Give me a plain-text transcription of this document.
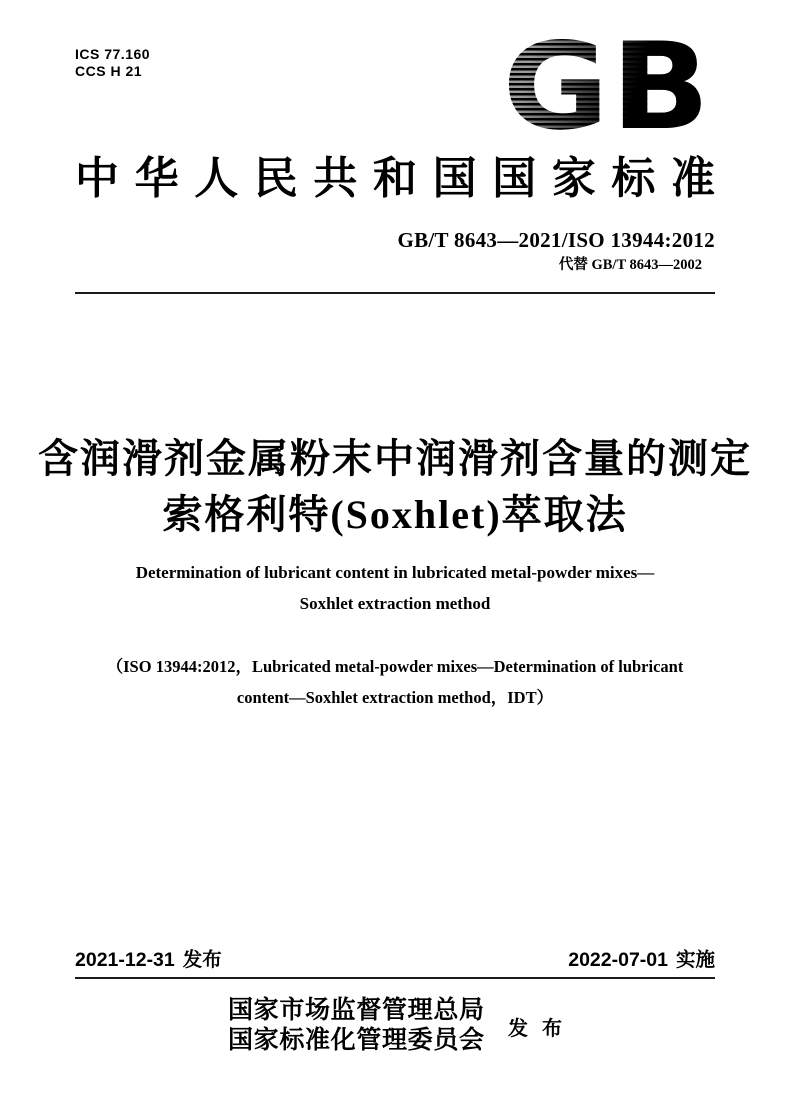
ICS 77.160
CCS H 21	GB
中华人民共和国国家标准
GB/T 8643—2021/ISO 13944:2012
代替 GB/T 8643—2002
含润滑剂金属粉末中润滑剂含量的测定
索格利特(Soxhlet)萃取法
Determination of lubricant content in lubricated metal-powder mixes—
Soxhlet extraction method
（ISO 13944:2012，Lubricated metal-powder mixes—Determination of lubricant
content—Soxhlet extraction method，IDT）
2021-12-31 发布	2022-07-01 实施
国家市场监督管理总局
国家标准化管理委员会 发布
